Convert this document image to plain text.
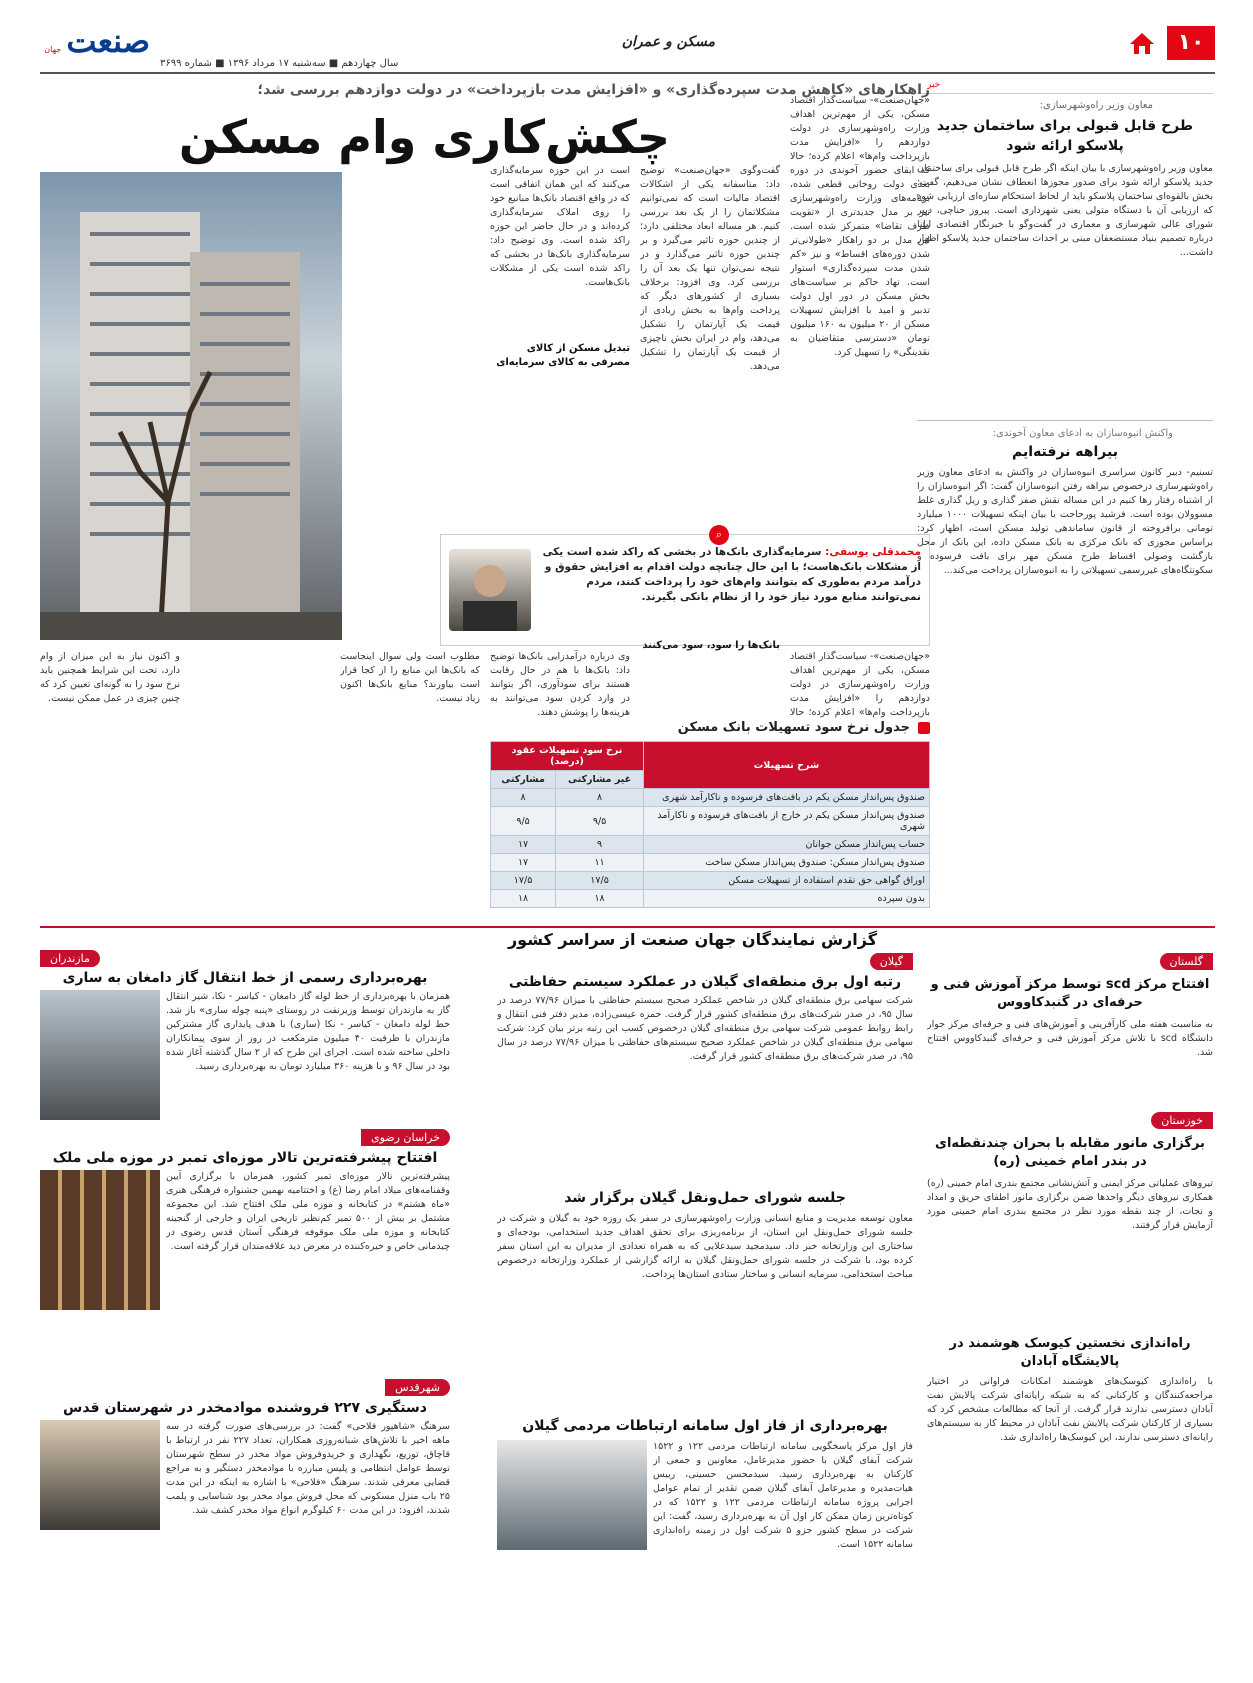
۱۰
مسکن و عمران
سال چهاردهم ■ سه‌شنبه ۱۷ مرداد ۱۳۹۶ ■ شماره ۳۶۹۹
صنعت جهان
خبر
معاون وزیر راه‌وشهرسازی:
طرح قابل قبولی برای ساختمان جدید پلاسکو ارائه شود
معاون وزیر راه‌وشهرسازی با بیان اینکه اگر طرح قابل قبولی برای ساختمان جدید پلاسکو ارائه شود برای صدور مجوزها انعطاف نشان می‌دهیم، گفت: بخش بالقوه‌ای ساختمان پلاسکو باید از لحاظ استحکام سازه‌ای ارزیابی شود که ارزیابی آن با دستگاه متولی یعنی شهرداری است. پیروز حناچی، دبیر شورای عالی شهرسازی و معماری در گفت‌وگو با خبرنگار اقتصادی ایلنا درباره تصمیم بنیاد مستضعفان مبنی بر احداث ساختمان جدید پلاسکو اظهار داشت...
واکنش انبوه‌سازان به ادعای معاون آخوندی:
بیراهه نرفته‌ایم
تسنیم- دبیر کانون سراسری انبوه‌سازان در واکنش به ادعای معاون وزیر راه‌وشهرسازی درخصوص بیراهه رفتن انبوه‌سازان گفت: اگر انبوه‌سازان را از اشتباه رفتار رها کنیم در این مساله نقش صفر گذاری و ریل گذاری غلط مسوولان بوده است. فرشید پورحاجت با بیان اینکه تسهیلات ۱۰۰۰ میلیارد تومانی برافروخته از قانون ساماندهی تولید مسکن است، اظهار کرد: براساس مجوزی که بانک مرکزی به بانک مسکن داده، این بانک از محل بازگشت وصولی اقساط طرح مسکن مهر برای بافت فرسوده و سکونتگاه‌های غیررسمی تسهیلاتی را به انبوه‌سازان پرداخت می‌کند...
راهکارهای «کاهش مدت سپرده‌گذاری» و «افزایش مدت بازپرداخت» در دولت دوازدهم بررسی شد؛
چکش‌کاری وام مسکن
«جهان‌صنعت»- سیاست‌گذار اقتصاد مسکن، یکی از مهم‌ترین اهداف وزارت راه‌وشهرسازی در دولت دوازدهم را «افزایش مدت بازپرداخت وام‌ها» اعلام کرده؛ حالا که ابقای حضور آخوندی در دوره بعدی دولت روحانی قطعی شده، برنامه‌های وزارت راه‌وشهرسازی نیز بر مدل جدیدتری از «تقویت طرف تقاضا» متمرکز شده است. این مدل بر دو راهکار «طولانی‌تر شدن دوره‌های اقساط» و نیز «کم شدن مدت سپرده‌گذاری» استوار است. نهاد حاکم بر سیاست‌های بخش مسکن در دور اول دولت تدبیر و امید با افزایش تسهیلات مسکن از ۲۰ میلیون به ۱۶۰ میلیون تومان «دسترسی متقاضیان به نقدینگی» را تسهیل کرد.
گفت‌وگوی «جهان‌صنعت» توضیح داد: متاسفانه یکی از اشکالات اقتصاد مالیات است که نمی‌توانیم مشکلاتمان را از یک بعد بررسی کنیم. هر مساله ابعاد مختلفی دارد؛ از چندین حوزه تاثیر می‌گیرد و بر چندین حوزه تاثیر می‌گذارد و در نتیجه نمی‌توان تنها یک بعد آن را بررسی کرد. وی افزود: برخلاف بسیاری از کشورهای دیگر که پرداخت وام‌ها به بخش زیادی از قیمت یک آپارتمان را تشکیل می‌دهد، وام در ایران بخش ناچیزی از قیمت یک آپارتمان را تشکیل می‌دهد.
است در این حوزه سرمایه‌گذاری می‌کنند که این همان اتفاقی است که در واقع اقتصاد بانک‌ها مبانیع خود را روی املاک سرمایه‌گذاری کرده‌اند و در حال حاضر این حوزه راکد شده است. وی توضیح داد: سرمایه‌گذاری بانک‌ها در بخشی که راکد شده است یکی از مشکلات بانک‌هاست.
تبدیل مسکن از کالای مصرفی به کالای سرمایه‌ای
⌕
محمدقلی یوسفی: سرمایه‌گذاری بانک‌ها در بخشی که راکد شده است یکی از مشکلات بانک‌هاست؛ با این حال چنانچه دولت اقدام به افزایش حقوق و درآمد مردم به‌طوری که بتوانند وام‌های خود را پرداخت کنند، مردم نمی‌توانند منابع مورد نیاز خود را از نظام بانکی بگیرند.
«جهان‌صنعت»- سیاست‌گذار اقتصاد مسکن، یکی از مهم‌ترین اهداف وزارت راه‌وشهرسازی در دولت دوازدهم را «افزایش مدت بازپرداخت وام‌ها» اعلام کرده؛ حالا
بانک‌ها را سود، سود می‌کنند
وی درباره درآمدزایی بانک‌ها توضیح داد: بانک‌ها با هم در حال رقابت هستند برای سودآوری، اگر بتوانند در وارد کردن سود می‌توانند به هزینه‌ها را پوشش دهند.
مطلوب است ولی سوال اینجاست که بانک‌ها این منابع را از کجا قرار است بیاورند؟ منابع بانک‌ها اکنون زیاد نیست.
و اکنون نیاز به این میزان از وام دارد، تحت این شرایط همچنین باید نرخ سود را به گونه‌ای تعیین کرد که چنین چیزی در عمل ممکن نیست.
جدول نرخ سود تسهیلات بانک مسکن
شرح تسهیلات	نرخ سود تسهیلات عقود (درصد)	
	غیر مشارکتی	مشارکتی
صندوق پس‌انداز مسکن یکم در بافت‌های فرسوده و ناکارآمد شهری	۸	۸
صندوق پس‌انداز مسکن یکم در خارج از بافت‌های فرسوده و ناکارآمد شهری	۹/۵	۹/۵
حساب پس‌انداز مسکن جوانان	۹	۱۷
صندوق پس‌انداز مسکن: صندوق پس‌انداز مسکن ساخت	۱۱	۱۷
اوراق گواهی حق تقدم استفاده از تسهیلات مسکن	۱۷/۵	۱۷/۵
بدون سپرده	۱۸	۱۸
گزارش نمایندگان جهان صنعت از سراسر کشور
گلستان
افتتاح مرکز scd توسط مرکز آموزش فنی و حرفه‌ای در گنبدکاووس
به مناسبت هفته ملی کارآفرینی و آموزش‌های فنی و حرفه‌ای مرکز جوار دانشگاه scd با تلاش مرکز آموزش فنی و حرفه‌ای گنبدکاووس افتتاح شد.
خوزستان
برگزاری مانور مقابله با بحران چندنقطه‌ای در بندر امام خمینی (ره)
تیروهای عملیاتی مرکز ایمنی و آتش‌نشانی مجتمع بندری امام خمینی (ره) همکاری نیروهای دیگر واحدها ضمن برگزاری مانور اطفای حریق و امداد و نجات، از چند نقطه مورد نظر در مجتمع بندری امام خمینی مورد آزمایش قرار گرفتند.
راه‌اندازی نخستین کیوسک هوشمند در پالایشگاه آبادان
با راه‌اندازی کیوسک‌های هوشمند امکانات فراوانی در اختیار مراجعه‌کنندگان و کارکنانی که به شبکه رایانه‌ای شرکت پالایش نفت آبادان دسترسی ندارند قرار گرفت. از آنجا که مطالعات مشخص کرد که بسیاری از کارکنان شرکت پالایش نفت آبادان در محیط کار به سیستم‌های رایانه‌ای دسترسی ندارند، این کیوسک‌ها راه‌اندازی شد.
گیلان
رتبه اول برق منطقه‌ای گیلان در عملکرد سیستم حفاظتی
شرکت سهامی برق منطقه‌ای گیلان در شاخص عملکرد صحیح سیستم حفاظتی با میزان ۷۷/۹۶ درصد در سال ۹۵، در صدر شرکت‌های برق منطقه‌ای کشور قرار گرفت. حمزه عیسی‌زاده، مدیر دفتر فنی انتقال و رابط روابط عمومی شرکت سهامی برق منطقه‌ای گیلان درخصوص کسب این رتبه برتر بیان کرد: شرکت سهامی برق منطقه‌ای گیلان در شاخص عملکرد صحیح سیستم‌های حفاظتی با میزان ۷۷/۹۶ درصد در سال ۹۵، در صدر شرکت‌های برق منطقه‌ای کشور قرار گرفت.
جلسه شورای حمل‌ونقل گیلان برگزار شد
معاون توسعه مدیریت و منابع انسانی وزارت راه‌وشهرسازی در سفر یک روزه خود به گیلان و شرکت در جلسه شورای حمل‌ونقل این استان، از برنامه‌ریزی برای تحقق اهداف جدید استخدامی، بودجه‌ای و ساختاری این وزارتخانه خبر داد. سیدمجید سیدعلایی که به همراه تعدادی از مدیران به این استان سفر کرده بود، با شرکت در جلسه شورای حمل‌ونقل گیلان به ارائه گزارشی از عملکرد وزارتخانه درخصوص مباحث استخدامی، سرمایه انسانی و ساختار ستادی استان‌ها پرداخت.
بهره‌برداری از فاز اول سامانه ارتباطات مردمی گیلان
فاز اول مرکز پاسخگویی سامانه ارتباطات مردمی ۱۲۲ و ۱۵۲۲ شرکت آبفای گیلان با حضور مدیرعامل، معاونین و جمعی از کارکنان به بهره‌برداری رسید. سیدمحسن حسینی، رییس هیات‌مدیره و مدیرعامل آبفای گیلان ضمن تقدیر از تمام عوامل اجرایی پروژه سامانه ارتباطات مردمی ۱۲۲ و ۱۵۲۲ که در کوتاه‌ترین زمان ممکن کار اول آن به بهره‌برداری رسید، گفت: این شرکت در سطح کشور جزو ۵ شرکت اول در زمینه راه‌اندازی سامانه ۱۵۲۲ است.
مازندران
بهره‌برداری رسمی از خط انتقال گاز دامغان به ساری
همزمان با بهره‌برداری از خط لوله گاز دامغان - کیاسر - نکا، شیر انتقال گاز به مازندران توسط وزیرنفت در روستای «پنبه چوله ساری» باز شد. خط لوله دامغان - کیاسر - نکا (ساری) با هدف پایداری گاز مشترکین مازندران با ظرفیت ۴۰ میلیون مترمکعب در روز از سوی پیمانکاران داخلی ساخته شده است. اجرای این طرح که از ۲ سال گذشته آغاز شده بود در سال ۹۶ و با هزینه ۳۶۰ میلیارد تومان به بهره‌برداری رسید.
خراسان رضوی
افتتاح پیشرفته‌ترین تالار موزه‌ای تمبر در موزه ملی ملک
پیشرفته‌ترین تالار موزه‌ای تمبر کشور، همزمان با برگزاری آیین وقفنامه‌های میلاد امام رضا (ع) و اختتامیه نهمین جشنواره فرهنگی هنری «ماه هشتم» در کتابخانه و موزه ملی ملک افتتاح شد. این مجموعه مشتمل بر بیش از ۵۰۰ تمبر کم‌نظیر تاریخی ایران و خارجی از گنجینه کتابخانه و موزه ملی ملک موقوفه فرهنگی آستان قدس رضوی در چیدمانی خاص و خیره‌کننده در معرض دید علاقه‌مندان قرار گرفته است.
شهرقدس
دستگیری ۲۲۷ فروشنده موادمخدر در شهرستان قدس
سرهنگ «شاهپور فلاحی» گفت: در بررسی‌های صورت گرفته در سه ماهه اخیر با تلاش‌های شبانه‌روزی همکاران، تعداد ۲۲۷ نفر در ارتباط با قاچاق، توزیع، نگهداری و خریدوفروش مواد مخدر در سطح شهرستان توسط عوامل انتظامی و پلیس مبارزه با موادمخدر دستگیر و به مراجع قضایی معرفی شدند. سرهنگ «فلاحی» با اشاره به اینکه در این مدت ۲۵ باب منزل مسکونی که محل فروش مواد مخدر بود شناسایی و پلمب شدند، افزود: در این مدت ۶۰ کیلوگرم انواع مواد مخدر کشف شد.
